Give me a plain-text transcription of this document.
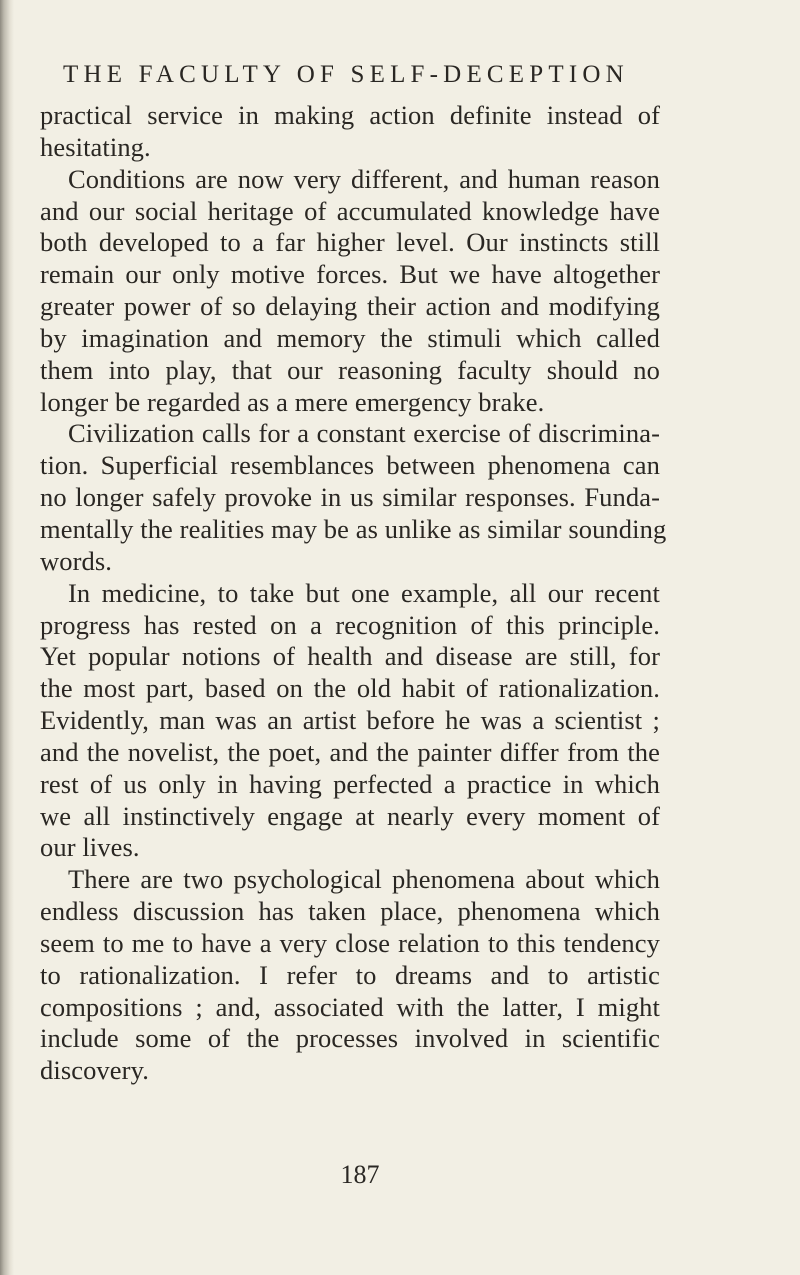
THE FACULTY OF SELF-DECEPTION
practical service in making action definite instead of
hesitating.
Conditions are now very different, and human reason
and our social heritage of accumulated knowledge have
both developed to a far higher level. Our instincts still
remain our only motive forces. But we have altogether
greater power of so delaying their action and modifying
by imagination and memory the stimuli which called
them into play, that our reasoning faculty should no
longer be regarded as a mere emergency brake.
Civilization calls for a constant exercise of discrimina-
tion. Superficial resemblances between phenomena can
no longer safely provoke in us similar responses. Funda-
mentally the realities may be as unlike as similar sounding
words.
In medicine, to take but one example, all our recent
progress has rested on a recognition of this principle.
Yet popular notions of health and disease are still, for
the most part, based on the old habit of rationalization.
Evidently, man was an artist before he was a scientist ;
and the novelist, the poet, and the painter differ from the
rest of us only in having perfected a practice in which
we all instinctively engage at nearly every moment of
our lives.
There are two psychological phenomena about which
endless discussion has taken place, phenomena which
seem to me to have a very close relation to this tendency
to rationalization. I refer to dreams and to artistic
compositions ; and, associated with the latter, I might
include some of the processes involved in scientific
discovery.
187
